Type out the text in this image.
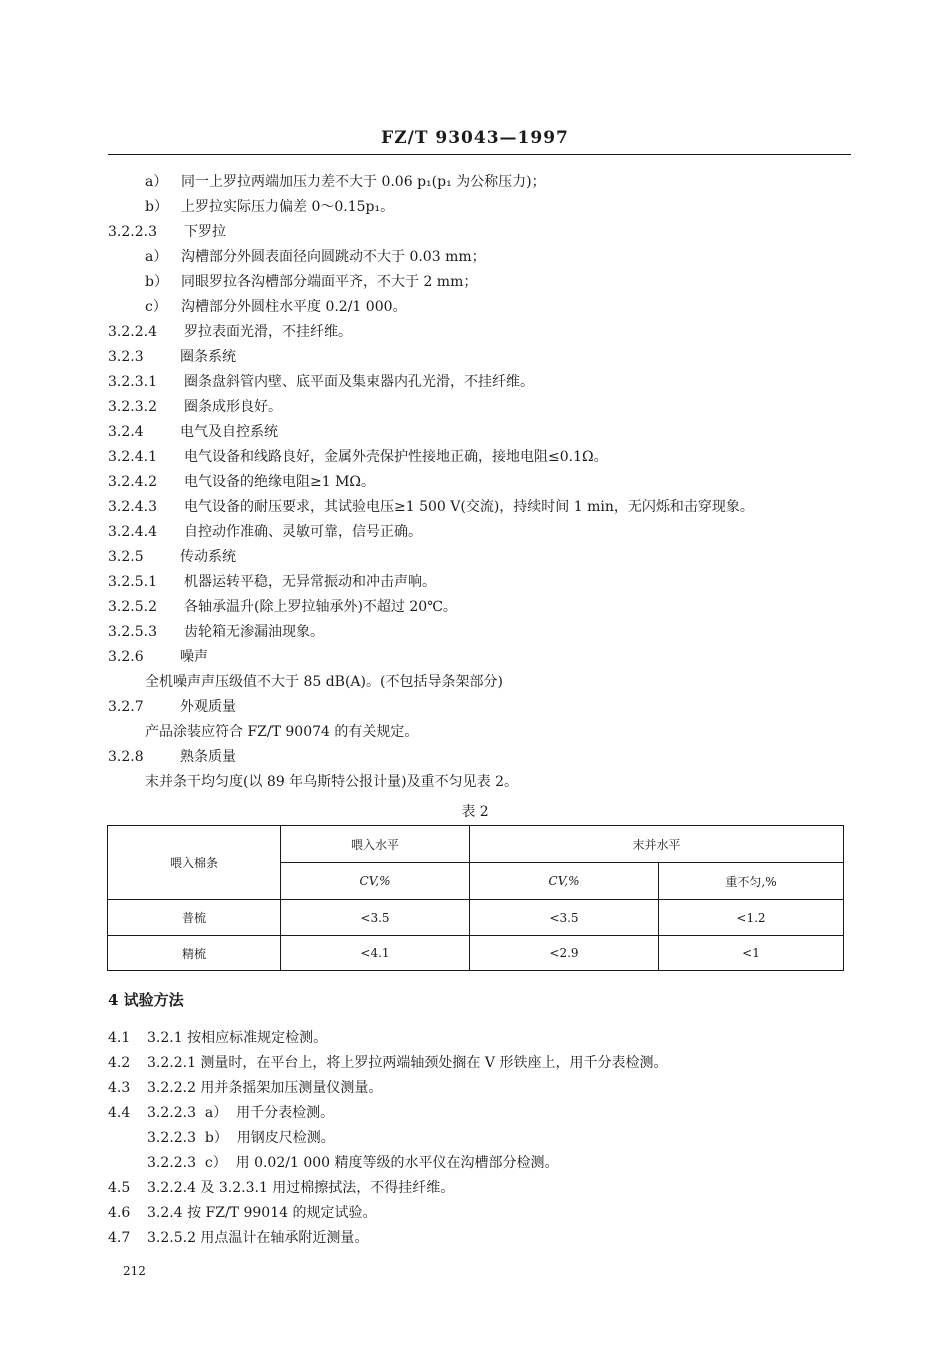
FZ/T 93043—1997
a） 同一上罗拉两端加压力差不大于 0.06 p₁(p₁ 为公称压力)；
b） 上罗拉实际压力偏差 0～0.15p₁。
3.2.2.3 下罗拉
a） 沟槽部分外圆表面径向圆跳动不大于 0.03 mm；
b） 同眼罗拉各沟槽部分端面平齐，不大于 2 mm；
c） 沟槽部分外圆柱水平度 0.2/1 000。
3.2.2.4 罗拉表面光滑，不挂纤维。
3.2.3	圈条系统
3.2.3.1 圈条盘斜管内壁、底平面及集束器内孔光滑，不挂纤维。
3.2.3.2 圈条成形良好。
3.2.4	电气及自控系统
3.2.4.1 电气设备和线路良好，金属外壳保护性接地正确，接地电阻≤0.1Ω。
3.2.4.2 电气设备的绝缘电阻≥1 MΩ。
3.2.4.3 电气设备的耐压要求，其试验电压≥1 500 V(交流)，持续时间 1 min，无闪烁和击穿现象。
3.2.4.4 自控动作准确、灵敏可靠，信号正确。
3.2.5	传动系统
3.2.5.1 机器运转平稳，无异常振动和冲击声响。
3.2.5.2 各轴承温升(除上罗拉轴承外)不超过 20℃。
3.2.5.3 齿轮箱无渗漏油现象。
3.2.6	噪声
全机噪声声压级值不大于 85 dB(A)。(不包括导条架部分)
3.2.7	外观质量
产品涂装应符合 FZ/T 90074 的有关规定。
3.2.8	熟条质量
末并条干均匀度(以 89 年乌斯特公报计量)及重不匀见表 2。
表 2
喂入棉条	喂入水平	末并水平	
	CV,%	CV,%	重不匀,%
普梳	<3.5	<3.5	<1.2
精梳	<4.1	<2.9	<1
4 试验方法
4.1 3.2.1 按相应标准规定检测。
4.2 3.2.2.1 测量时，在平台上，将上罗拉两端轴颈处搁在 V 形铁座上，用千分表检测。
4.3 3.2.2.2 用并条摇架加压测量仪测量。
4.4 3.2.2.3  a）  用千分表检测。
3.2.2.3  b）  用钢皮尺检测。
3.2.2.3  c）  用 0.02/1 000 精度等级的水平仪在沟槽部分检测。
4.5 3.2.2.4 及 3.2.3.1 用过棉擦拭法，不得挂纤维。
4.6 3.2.4 按 FZ/T 99014 的规定试验。
4.7 3.2.5.2 用点温计在轴承附近测量。
212
